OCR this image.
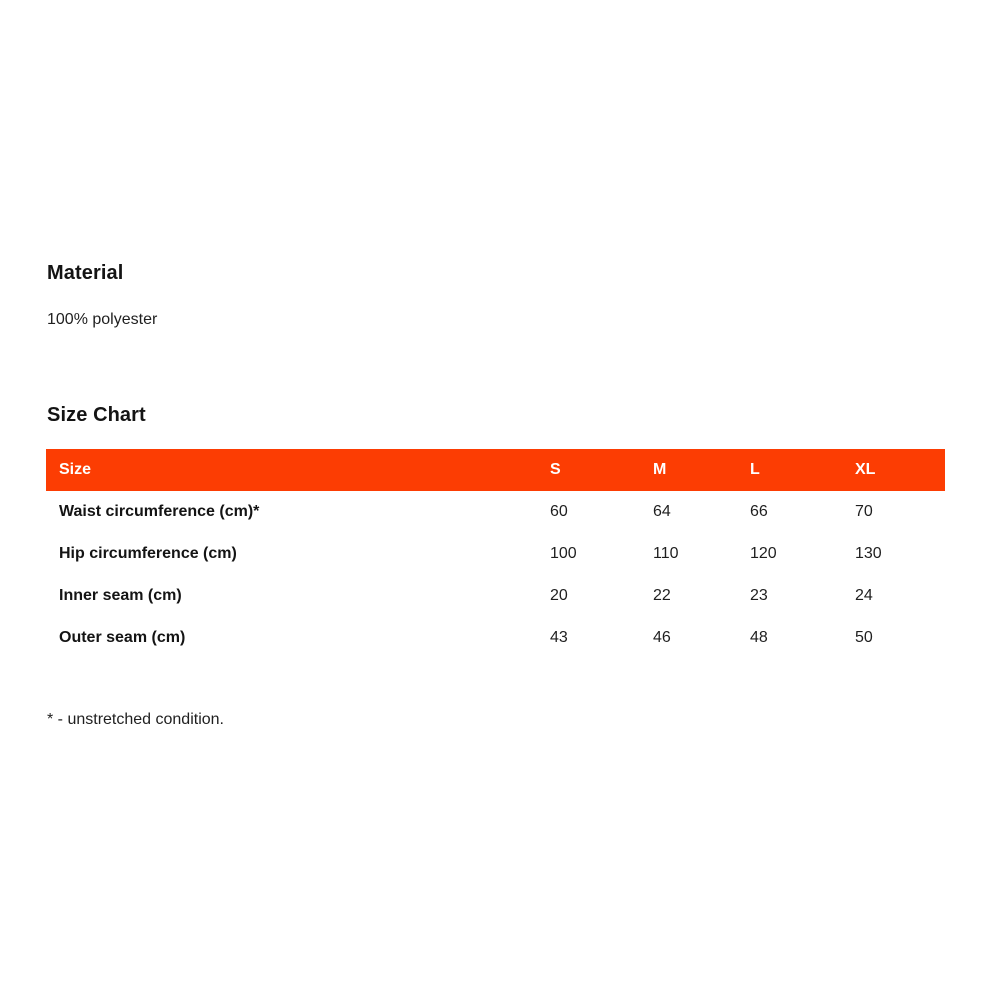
Material
100% polyester
Size Chart
Size	S	M	L	XL
Waist circumference (cm)*	60	64	66	70
Hip circumference (cm)	100	110	120	130
Inner seam (cm)	20	22	23	24
Outer seam (cm)	43	46	48	50
* - unstretched condition.
